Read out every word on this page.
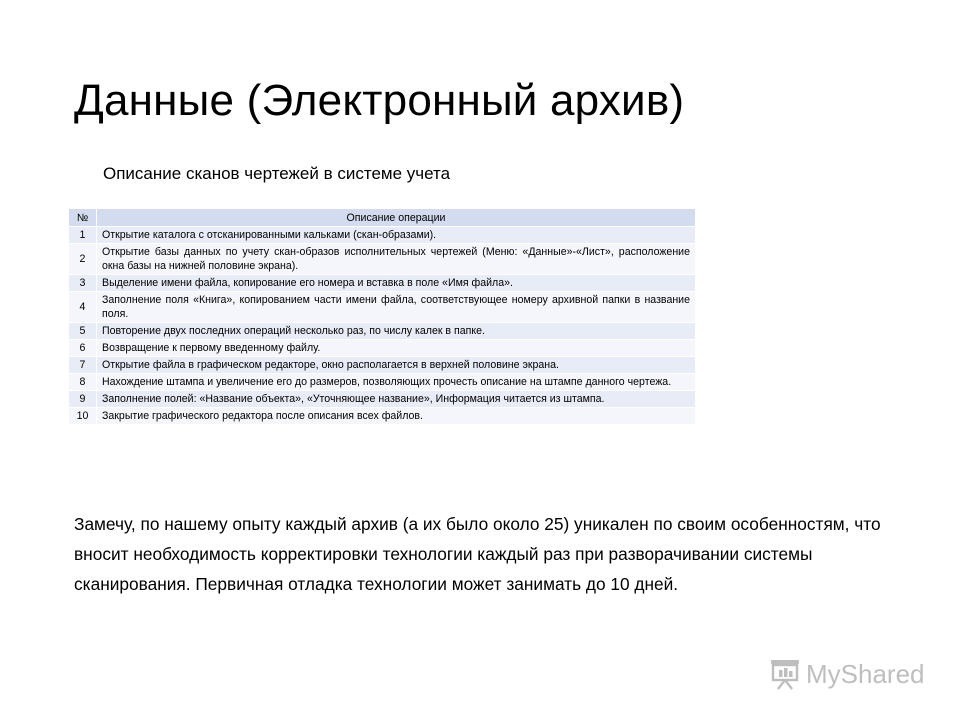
Данные (Электронный архив)
Описание сканов чертежей в системе учета
№	Описание операции
1	Открытие каталога с отсканированными кальками (скан-образами).
2	Открытие базы данных по учету скан-образов исполнительных чертежей (Меню: «Данные»-«Лист», расположение окна базы на нижней половине экрана).
3	Выделение имени файла, копирование его номера и вставка в поле «Имя файла».
4	Заполнение поля «Книга», копированием части имени файла, соответствующее номеру архивной папки в название поля.
5	Повторение двух последних операций несколько раз, по числу калек в папке.
6	Возвращение к первому введенному файлу.
7	Открытие файла в графическом редакторе, окно располагается в верхней половине экрана.
8	Нахождение штампа и увеличение его до размеров, позволяющих прочесть описание на штампе данного чертежа.
9	Заполнение полей: «Название объекта», «Уточняющее название», Информация читается из штампа.
10	Закрытие графического редактора после описания всех файлов.

Замечу, по нашему опыту каждый архив (а их было около 25) уникален по своим особенностям, что вносит необходимость корректировки технологии каждый раз при разворачивании системы сканирования. Первичная отладка технологии может занимать до 10 дней.

MyShared
